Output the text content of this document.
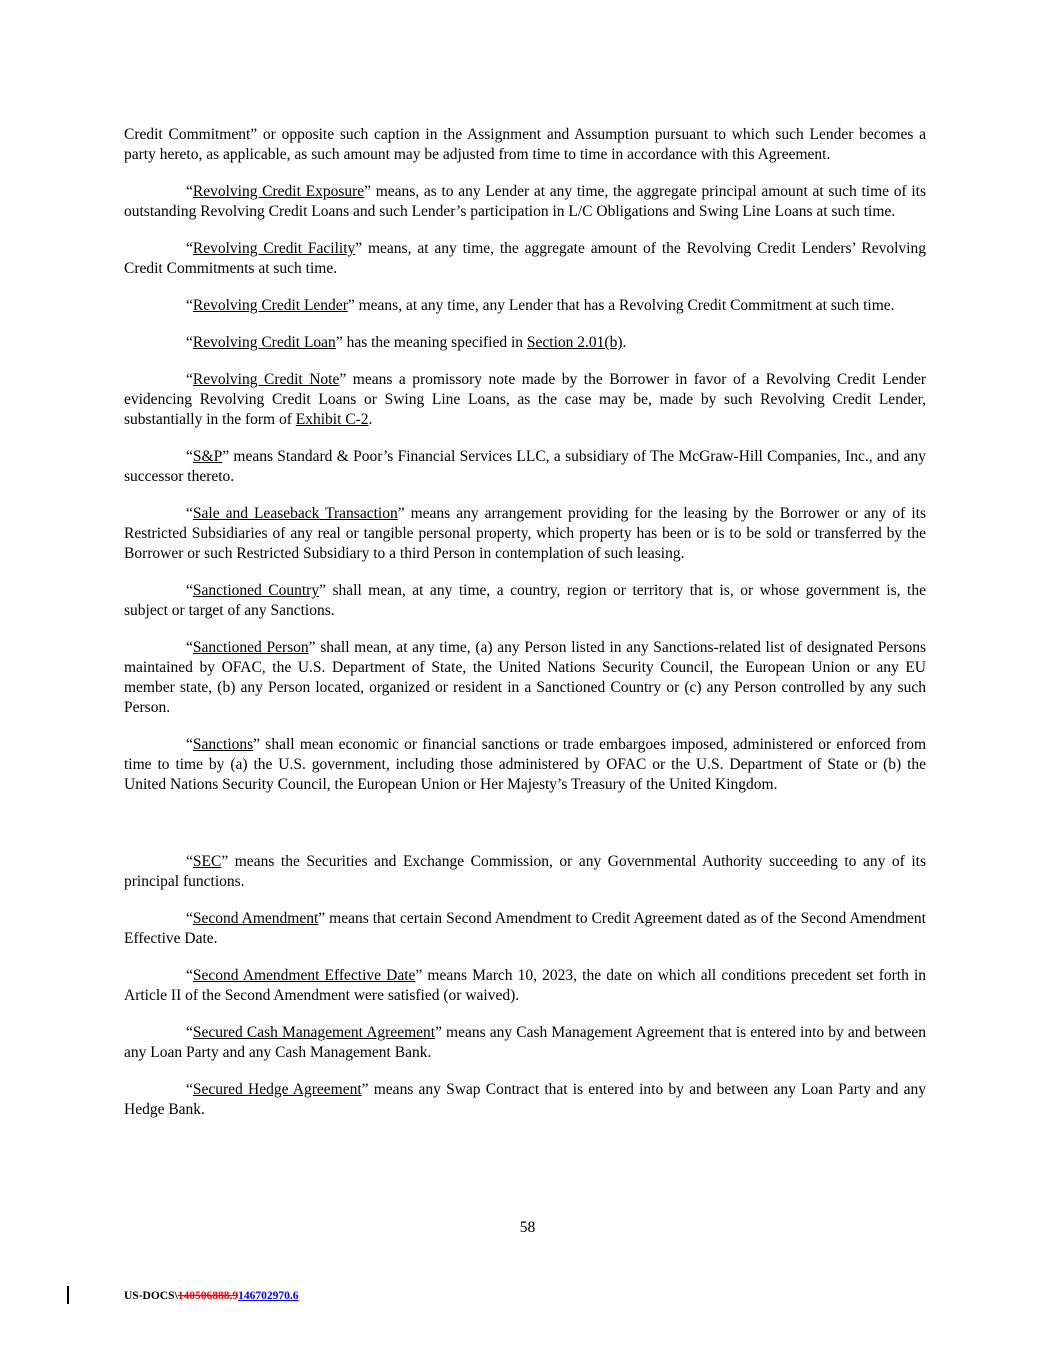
Credit Commitment” or opposite such caption in the Assignment and Assumption pursuant to which such Lender becomes a party hereto, as applicable, as such amount may be adjusted from time to time in accordance with this Agreement.

“Revolving Credit Exposure” means, as to any Lender at any time, the aggregate principal amount at such time of its outstanding Revolving Credit Loans and such Lender’s participation in L/C Obligations and Swing Line Loans at such time.

“Revolving Credit Facility” means, at any time, the aggregate amount of the Revolving Credit Lenders’ Revolving Credit Commitments at such time.

“Revolving Credit Lender” means, at any time, any Lender that has a Revolving Credit Commitment at such time.

“Revolving Credit Loan” has the meaning specified in Section 2.01(b).

“Revolving Credit Note” means a promissory note made by the Borrower in favor of a Revolving Credit Lender evidencing Revolving Credit Loans or Swing Line Loans, as the case may be, made by such Revolving Credit Lender, substantially in the form of Exhibit C-2.

“S&P” means Standard & Poor’s Financial Services LLC, a subsidiary of The McGraw-Hill Companies, Inc., and any successor thereto.

“Sale and Leaseback Transaction” means any arrangement providing for the leasing by the Borrower or any of its Restricted Subsidiaries of any real or tangible personal property, which property has been or is to be sold or transferred by the Borrower or such Restricted Subsidiary to a third Person in contemplation of such leasing.

“Sanctioned Country” shall mean, at any time, a country, region or territory that is, or whose government is, the subject or target of any Sanctions.

“Sanctioned Person” shall mean, at any time, (a) any Person listed in any Sanctions-related list of designated Persons maintained by OFAC, the U.S. Department of State, the United Nations Security Council, the European Union or any EU member state, (b) any Person located, organized or resident in a Sanctioned Country or (c) any Person controlled by any such Person.

“Sanctions” shall mean economic or financial sanctions or trade embargoes imposed, administered or enforced from time to time by (a) the U.S. government, including those administered by OFAC or the U.S. Department of State or (b) the United Nations Security Council, the European Union or Her Majesty’s Treasury of the United Kingdom.

“SEC” means the Securities and Exchange Commission, or any Governmental Authority succeeding to any of its principal functions.

“Second Amendment” means that certain Second Amendment to Credit Agreement dated as of the Second Amendment Effective Date.

“Second Amendment Effective Date” means March 10, 2023, the date on which all conditions precedent set forth in Article II of the Second Amendment were satisfied (or waived).

“Secured Cash Management Agreement” means any Cash Management Agreement that is entered into by and between any Loan Party and any Cash Management Bank.

“Secured Hedge Agreement” means any Swap Contract that is entered into by and between any Loan Party and any Hedge Bank.

58
US-DOCS\140506888.9146702970.6
